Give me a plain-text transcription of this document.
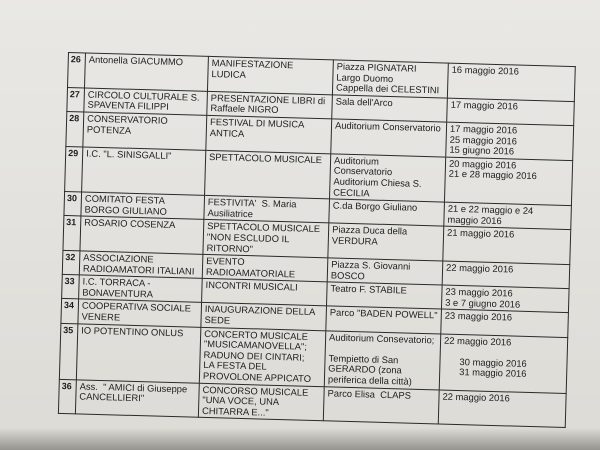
26	Antonella GIACUMMO	MANIFESTAZIONE LUDICA	Piazza PIGNATARI
Largo Duomo
Cappella dei CELESTINI	16 maggio 2016

27	CIRCOLO CULTURALE S.
SPAVENTA FILIPPI	PRESENTAZIONE LIBRI di
Raffaele NIGRO	Sala dell'Arco	17 maggio 2016

28	CONSERVATORIO
POTENZA	FESTIVAL DI MUSICA
ANTICA	Auditorium Conservatorio	17 maggio 2016
25 maggio 2016
15 giugno 2016

29	I.C. "L. SINISGALLI"	SPETTACOLO MUSICALE	Auditorium
Conservatorio
Auditorium Chiesa S.
CECILIA	20 maggio 2016
21 e 28 maggio 2016

30	COMITATO FESTA
BORGO GIULIANO	FESTIVITA'  S. Maria
Ausiliatrice	C.da Borgo Giuliano	21 e 22 maggio e 24
maggio 2016

31	ROSARIO COSENZA	SPETTACOLO MUSICALE
"NON ESCLUDO IL
RITORNO"	Piazza Duca della
VERDURA	21 maggio 2016

32	ASSOCIAZIONE
RADIOAMATORI ITALIANI	EVENTO
RADIOAMATORIALE	Piazza S. Giovanni
BOSCO	22 maggio 2016

33	I.C. TORRACA -
BONAVENTURA	INCONTRI MUSICALI	Teatro F. STABILE	23 maggio 2016
3 e 7 giugno 2016

34	COOPERATIVA SOCIALE
VENERE	INAUGURAZIONE DELLA
SEDE	Parco "BADEN POWELL"	23 maggio 2016

35	IO POTENTINO ONLUS	CONCERTO MUSICALE
"MUSICAMANOVELLA";
RADUNO DEI CINTARI;
LA FESTA DEL
PROVOLONE APPICATO	Auditorium Consevatorio;

Tempietto di San
GERARDO (zona
periferica della città)	22 maggio 2016

30 maggio 2016
31 maggio 2016

36	Ass.  " AMICI di Giuseppe
CANCELLIERI"	CONCORSO MUSICALE
"UNA VOCE, UNA
CHITARRA E..."	Parco Elisa  CLAPS	22 maggio 2016
